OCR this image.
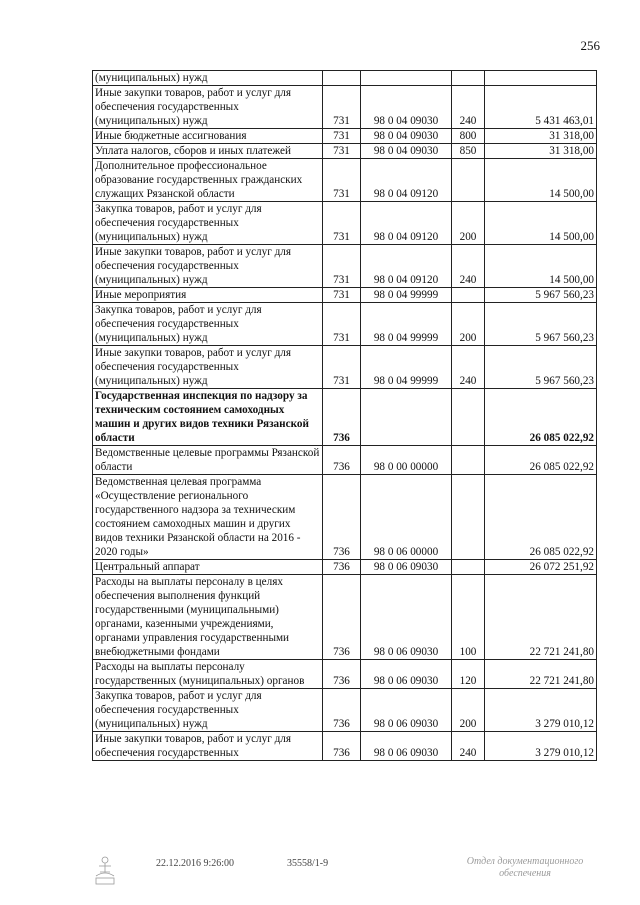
256
(муниципальных) нужд				
Иные закупки товаров, работ и услуг для обеспечения государственных (муниципальных) нужд	731	98 0 04 09030	240	5 431 463,01
Иные бюджетные ассигнования	731	98 0 04 09030	800	31 318,00
Уплата налогов, сборов и иных платежей	731	98 0 04 09030	850	31 318,00
Дополнительное профессиональное образование государственных гражданских служащих Рязанской области	731	98 0 04 09120		14 500,00
Закупка товаров, работ и услуг для обеспечения государственных (муниципальных) нужд	731	98 0 04 09120	200	14 500,00
Иные закупки товаров, работ и услуг для обеспечения государственных (муниципальных) нужд	731	98 0 04 09120	240	14 500,00
Иные мероприятия	731	98 0 04 99999		5 967 560,23
Закупка товаров, работ и услуг для обеспечения государственных (муниципальных) нужд	731	98 0 04 99999	200	5 967 560,23
Иные закупки товаров, работ и услуг для обеспечения государственных (муниципальных) нужд	731	98 0 04 99999	240	5 967 560,23
Государственная инспекция по надзору за техническим состоянием самоходных машин и других видов техники Рязанской области	736			26 085 022,92
Ведомственные целевые программы Рязанской области	736	98 0 00 00000		26 085 022,92
Ведомственная целевая программа «Осуществление регионального государственного надзора за техническим состоянием самоходных машин и других видов техники Рязанской области на 2016 - 2020 годы»	736	98 0 06 00000		26 085 022,92
Центральный аппарат	736	98 0 06 09030		26 072 251,92
Расходы на выплаты персоналу в целях обеспечения выполнения функций государственными (муниципальными) органами, казенными учреждениями, органами управления государственными внебюджетными фондами	736	98 0 06 09030	100	22 721 241,80
Расходы на выплаты персоналу государственных (муниципальных) органов	736	98 0 06 09030	120	22 721 241,80
Закупка товаров, работ и услуг для обеспечения государственных (муниципальных) нужд	736	98 0 06 09030	200	3 279 010,12
Иные закупки товаров, работ и услуг для обеспечения государственных	736	98 0 06 09030	240	3 279 010,12
22.12.2016 9:26:00	35558/1-9	Отдел документационного обеспечения
